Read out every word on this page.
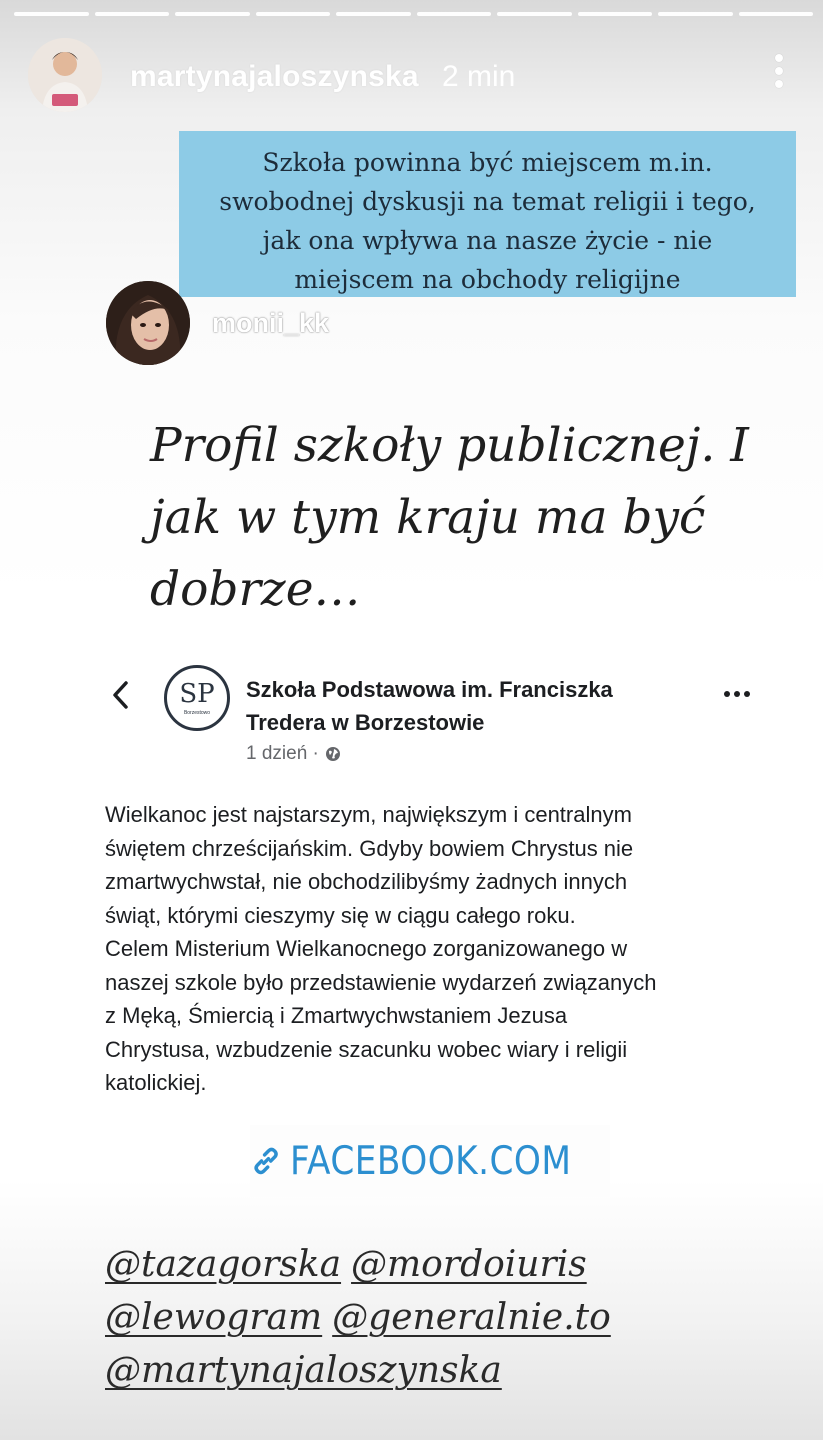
martynajaloszynska 2 min
Szkoła powinna być miejscem m.in.
swobodnej dyskusji na temat religii i tego,
jak ona wpływa na nasze życie - nie
miejscem na obchody religijne
monii_kk
Profil szkoły publicznej. I
jak w tym kraju ma być
dobrze…
SP
Borzestowo
Szkoła Podstawowa im. Franciszka
Tredera w Borzestowie
1 dzień ·
Wielkanoc jest najstarszym, największym i centralnym
świętem chrześcijańskim. Gdyby bowiem Chrystus nie
zmartwychwstał, nie obchodzilibyśmy żadnych innych
świąt, którymi cieszymy się w ciągu całego roku.
Celem Misterium Wielkanocnego zorganizowanego w
naszej szkole było przedstawienie wydarzeń związanych
z Męką, Śmiercią i Zmartwychwstaniem Jezusa
Chrystusa, wzbudzenie szacunku wobec wiary i religii
katolickiej.
FACEBOOK.COM
@tazagorska @mordoiuris
@lewogram @generalnie.to
@martynajaloszynska
